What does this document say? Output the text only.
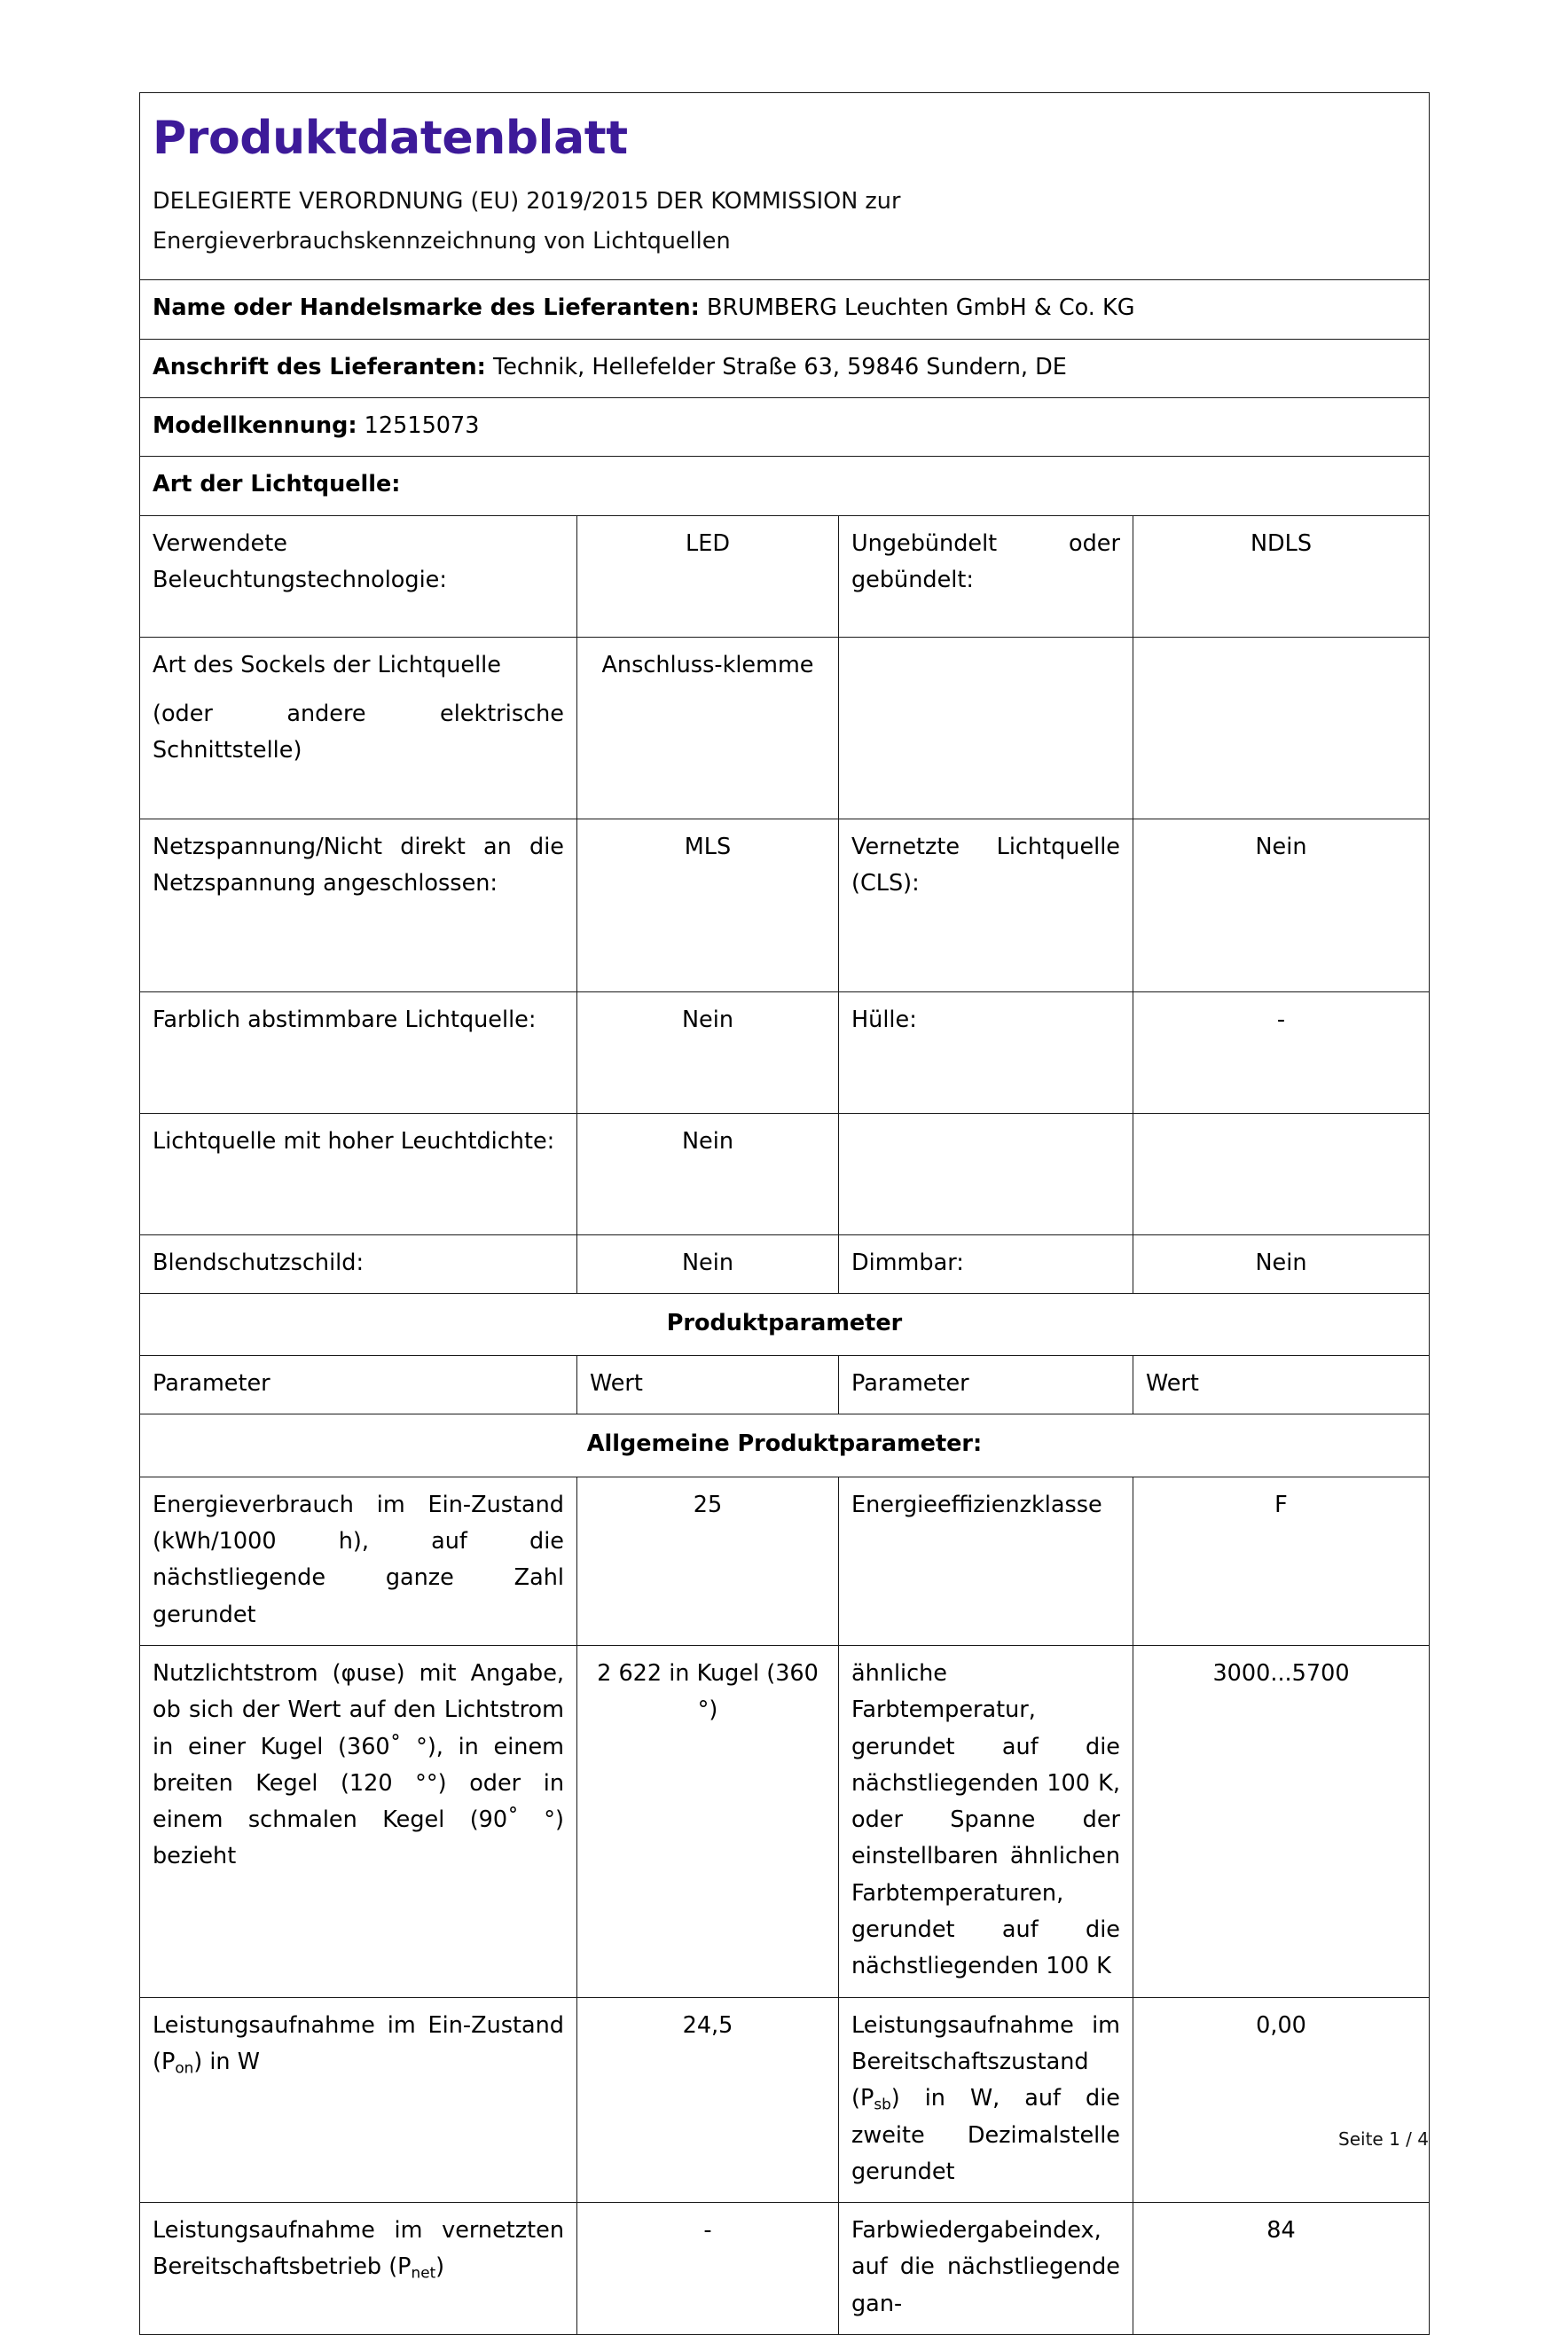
Produktdatenblatt
DELEGIERTE VERORDNUNG (EU) 2019/2015 DER KOMMISSION zur
Energieverbrauchskennzeichnung von Lichtquellen			

Name oder Handelsmarke des Lieferanten: BRUMBERG Leuchten GmbH & Co. KG			
Anschrift des Lieferanten: Technik, Hellefelder Straße 63, 59846 Sundern, DE			
Modellkennung: 12515073			
Art der Lichtquelle:			
Verwendete Beleuchtungstechnologie:	LED	Ungebündelt oder gebündelt:	NDLS

Art des Sockels der Lichtquelle
(oder andere elektrische Schnittstelle)	Anschluss-klemme		
Netzspannung/Nicht direkt an die Netzspannung angeschlossen:	MLS	Vernetzte Lichtquelle (CLS):	Nein
Farblich abstimmbare Lichtquelle:	Nein	Hülle:	-
Lichtquelle mit hoher Leuchtdichte:	Nein		
Blendschutzschild:	Nein	Dimmbar:	Nein
Produktparameter			
Parameter	Wert	Parameter	Wert
Allgemeine Produktparameter:			
Energieverbrauch im Ein-Zustand (kWh/1000 h), auf die nächstliegende ganze Zahl gerundet	25	Energieeffizienzklasse	F
Nutzlichtstrom (φuse) mit Angabe, ob sich der Wert auf den Lichtstrom in einer Kugel (360˚ °), in einem breiten Kegel (120 °°) oder in einem schmalen Kegel (90˚ °) bezieht	2 622 in Kugel (360 °)	ähnliche Farbtemperatur, gerundet auf die nächstliegenden 100 K, oder Spanne der einstellbaren ähnlichen Farbtemperaturen, gerundet auf die nächstliegenden 100 K	3000...5700
Leistungsaufnahme im Ein-Zustand $(P_{on})$ in W	24,5	Leistungsaufnahme im Bereitschaftszustand $(P_{sb})$ in W, auf die zweite Dezimalstelle gerundet	0,00
Leistungsaufnahme im vernetzten Bereitschaftsbetrieb $(P_{net})$	-	Farbwiedergabeindex, auf die nächstliegende gan-	84
Seite 1 / 4
